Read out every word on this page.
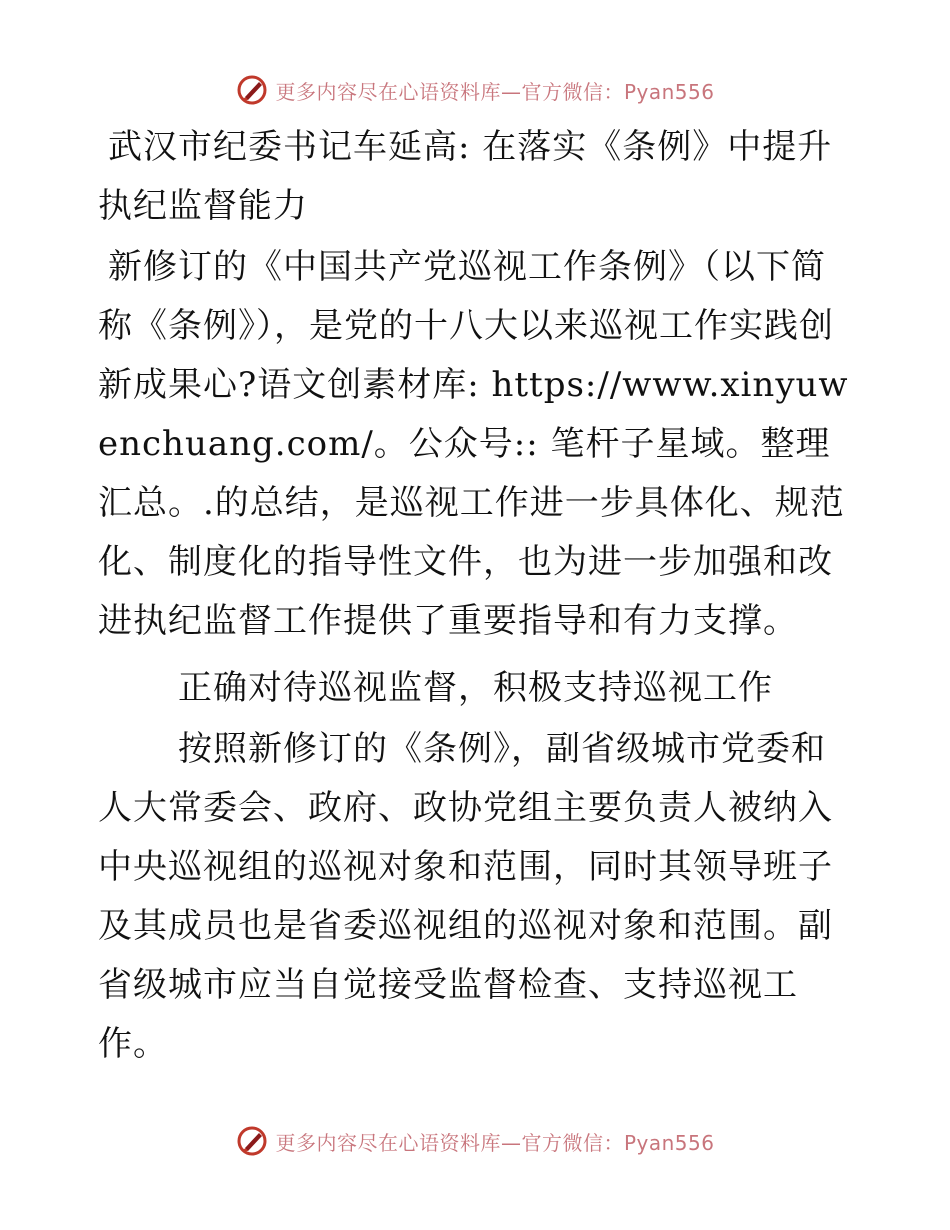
更多内容尽在心语资料库—官方微信：Pyan556

武汉市纪委书记车延高: 在落实《条例》中提升执纪监督能力

新修订的《中国共产党巡视工作条例》（以下简称《条例》），是党的十八大以来巡视工作实践创新成果心?语文创素材库: https://www.xinyuwenchuang.com/。公众号:: 笔杆子星域。整理汇总。.的总结，是巡视工作进一步具体化、规范化、制度化的指导性文件，也为进一步加强和改进执纪监督工作提供了重要指导和有力支撑。

正确对待巡视监督，积极支持巡视工作

按照新修订的《条例》，副省级城市党委和人大常委会、政府、政协党组主要负责人被纳入中央巡视组的巡视对象和范围，同时其领导班子及其成员也是省委巡视组的巡视对象和范围。副省级城市应当自觉接受监督检查、支持巡视工作。

更多内容尽在心语资料库—官方微信：Pyan556
